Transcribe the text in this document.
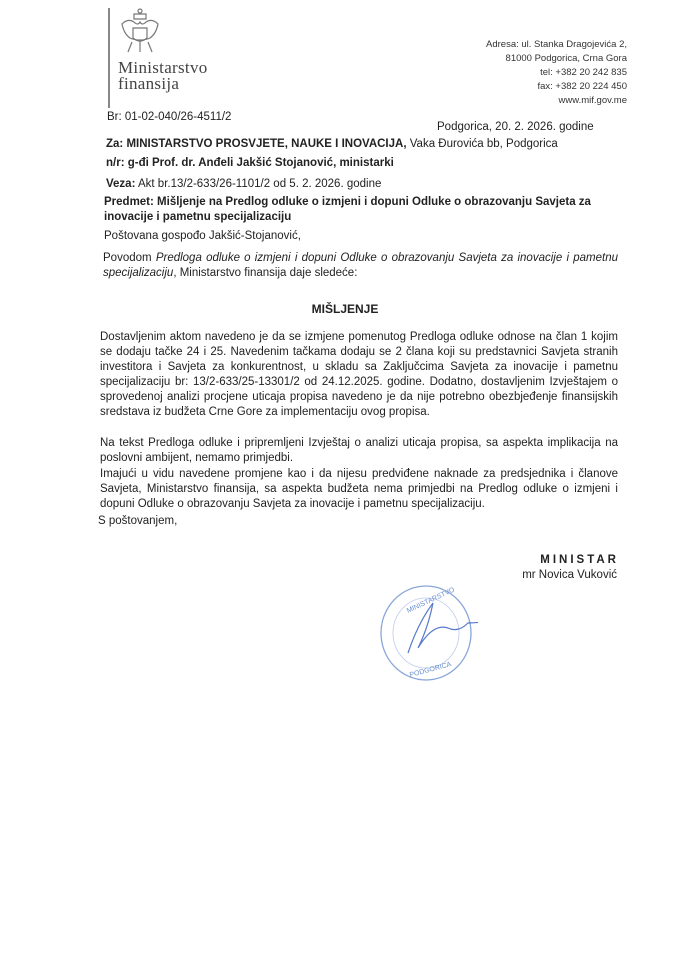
Ministarstvo
finansija
Adresa: ul. Stanka Dragojevića 2,
81000 Podgorica, Crna Gora
tel: +382 20 242 835
fax: +382 20 224 450
www.mif.gov.me
Br: 01-02-040/26-4511/2
Podgorica, 20. 2. 2026. godine
Za: MINISTARSTVO PROSVJETE, NAUKE I INOVACIJA, Vaka Đurovića bb, Podgorica
n/r: g-đi Prof. dr. Anđeli Jakšić Stojanović, ministarki
Veza: Akt br.13/2-633/26-1101/2 od 5. 2. 2026. godine
Predmet: Mišljenje na Predlog odluke o izmjeni i dopuni Odluke o obrazovanju Savjeta za inovacije i pametnu specijalizaciju
Poštovana gospođo Jakšić-Stojanović,
Povodom Predloga odluke o izmjeni i dopuni Odluke o obrazovanju Savjeta za inovacije i pametnu specijalizaciju, Ministarstvo finansija daje sledeće:
MIŠLJENJE
Dostavljenim aktom navedeno je da se izmjene pomenutog Predloga odluke odnose na član 1 kojim se dodaju tačke 24 i 25. Navedenim tačkama dodaju se 2 člana koji su predstavnici Savjeta stranih investitora i Savjeta za konkurentnost, u skladu sa Zaključcima Savjeta za inovacije i pametnu specijalizaciju br: 13/2-633/25-13301/2 od 24.12.2025. godine. Dodatno, dostavljenim Izvještajem o sprovedenoj analizi procjene uticaja propisa navedeno je da nije potrebno obezbjeđenje finansijskih sredstava iz budžeta Crne Gore za implementaciju ovog propisa.
Na tekst Predloga odluke i pripremljeni Izvještaj o analizi uticaja propisa, sa aspekta implikacija na poslovni ambijent, nemamo primjedbi.
Imajući u vidu navedene promjene kao i da nijesu predviđene naknade za predsjednika i članove Savjeta, Ministarstvo finansija, sa aspekta budžeta nema primjedbi na Predlog odluke o izmjeni i dopuni Odluke o obrazovanju Savjeta za inovacije i pametnu specijalizaciju.
S poštovanjem,
MINISTAR
mr Novica Vuković
MINISTARSTVO
PODGORICA
